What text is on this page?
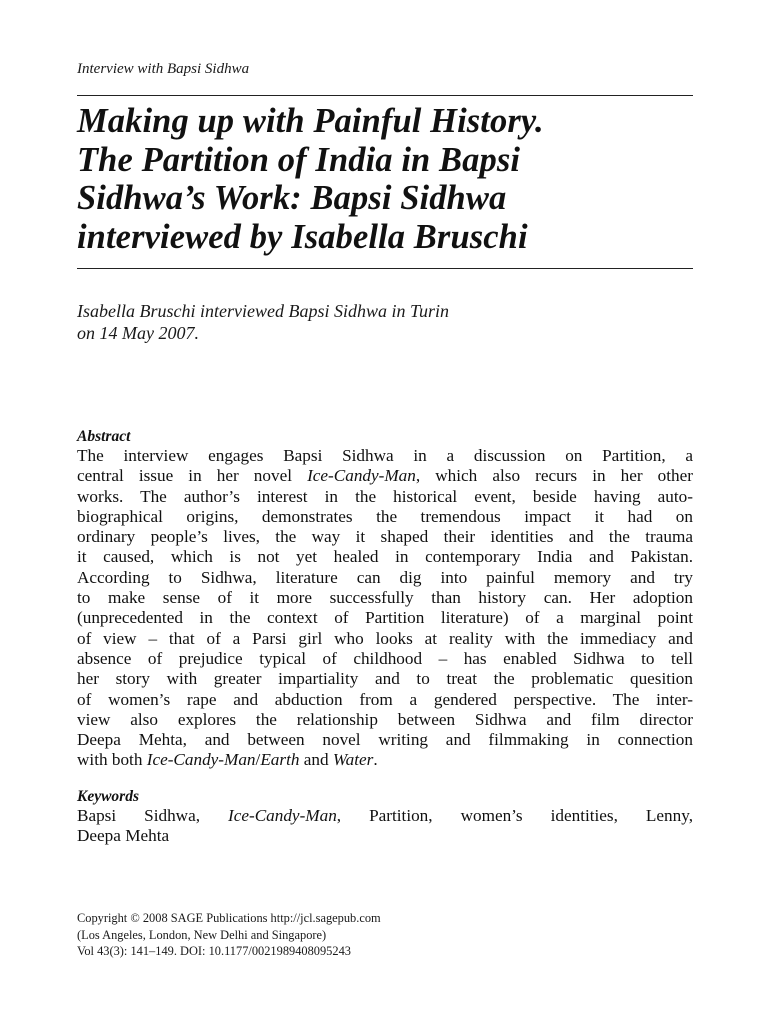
Interview with Bapsi Sidhwa
Making up with Painful History.
The Partition of India in Bapsi
Sidhwa’s Work: Bapsi Sidhwa
interviewed by Isabella Bruschi
Isabella Bruschi interviewed Bapsi Sidhwa in Turin
on 14 May 2007.
Abstract
The interview engages Bapsi Sidhwa in a discussion on Partition, a
central issue in her novel Ice-Candy-Man, which also recurs in her other
works. The author’s interest in the historical event, beside having auto-
biographical origins, demonstrates the tremendous impact it had on
ordinary people’s lives, the way it shaped their identities and the trauma
it caused, which is not yet healed in contemporary India and Pakistan.
According to Sidhwa, literature can dig into painful memory and try
to make sense of it more successfully than history can. Her adoption
(unprecedented in the context of Partition literature) of a marginal point
of view – that of a Parsi girl who looks at reality with the immediacy and
absence of prejudice typical of childhood – has enabled Sidhwa to tell
her story with greater impartiality and to treat the problematic quesition
of women’s rape and abduction from a gendered perspective. The inter-
view also explores the relationship between Sidhwa and film director
Deepa Mehta, and between novel writing and filmmaking in connection
with both Ice-Candy-Man/Earth and Water.
Keywords
Bapsi Sidhwa, Ice-Candy-Man, Partition, women’s identities, Lenny,
Deepa Mehta
Copyright © 2008 SAGE Publications http://jcl.sagepub.com
(Los Angeles, London, New Delhi and Singapore)
Vol 43(3): 141–149. DOI: 10.1177/0021989408095243
